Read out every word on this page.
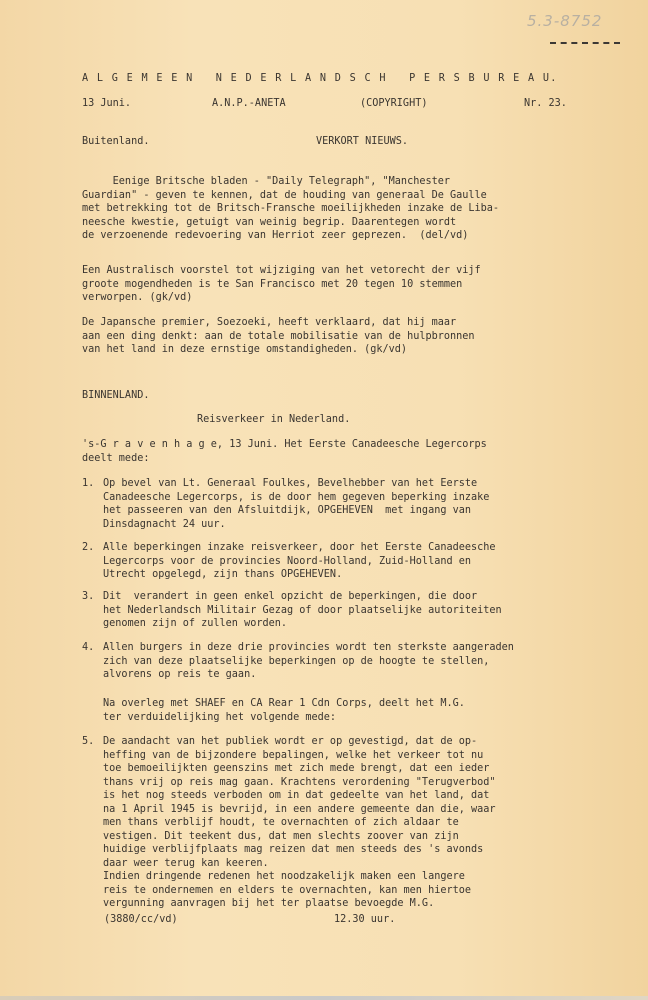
5.3-8752
A L G E M E E N   N E D E R L A N D S C H   P E R S B U R E A U.
13 Juni.	A.N.P.-ANETA	(COPYRIGHT)	Nr. 23.
Buitenland.	VERKORT NIEUWS.

Eenige Britsche bladen - "Daily Telegraph", "Manchester

Guardian" - geven te kennen, dat de houding van generaal De Gaulle

met betrekking tot de Britsch-Fransche moeilijkheden inzake de Liba-

neesche kwestie, getuigt van weinig begrip. Daarentegen wordt

de verzoenende redevoering van Herriot zeer geprezen.  (del/vd)

Een Australisch voorstel tot wijziging van het vetorecht der vijf

groote mogendheden is te San Francisco met 20 tegen 10 stemmen

verworpen. (gk/vd)

De Japansche premier, Soezoeki, heeft verklaard, dat hij maar

aan een ding denkt: aan de totale mobilisatie van de hulpbronnen

van het land in deze ernstige omstandigheden. (gk/vd)

BINNENLAND.
Reisverkeer in Nederland.

's-G r a v e n h a g e, 13 Juni. Het Eerste Canadeesche Legercorps

deelt mede:

1. Op bevel van Lt. Generaal Foulkes, Bevelhebber van het Eerste

Canadeesche Legercorps, is de door hem gegeven beperking inzake

het passeeren van den Afsluitdijk, OPGEHEVEN  met ingang van

Dinsdagnacht 24 uur.

2. Alle beperkingen inzake reisverkeer, door het Eerste Canadeesche

Legercorps voor de provincies Noord-Holland, Zuid-Holland en

Utrecht opgelegd, zijn thans OPGEHEVEN.

3. Dit  verandert in geen enkel opzicht de beperkingen, die door

het Nederlandsch Militair Gezag of door plaatselijke autoriteiten

genomen zijn of zullen worden.

4. Allen burgers in deze drie provincies wordt ten sterkste aangeraden

zich van deze plaatselijke beperkingen op de hoogte te stellen,

alvorens op reis te gaan.

Na overleg met SHAEF en CA Rear 1 Cdn Corps, deelt het M.G.

ter verduidelijking het volgende mede:

5. De aandacht van het publiek wordt er op gevestigd, dat de op-

heffing van de bijzondere bepalingen, welke het verkeer tot nu

toe bemoeilijkten geenszins met zich mede brengt, dat een ieder

thans vrij op reis mag gaan. Krachtens verordening "Terugverbod"

is het nog steeds verboden om in dat gedeelte van het land, dat

na 1 April 1945 is bevrijd, in een andere gemeente dan die, waar

men thans verblijf houdt, te overnachten of zich aldaar te

vestigen. Dit teekent dus, dat men slechts zoover van zijn

huidige verblijfplaats mag reizen dat men steeds des 's avonds

daar weer terug kan keeren.

Indien dringende redenen het noodzakelijk maken een langere

reis te ondernemen en elders te overnachten, kan men hiertoe

vergunning aanvragen bij het ter plaatse bevoegde M.G.

(3880/cc/vd)	12.30 uur.
